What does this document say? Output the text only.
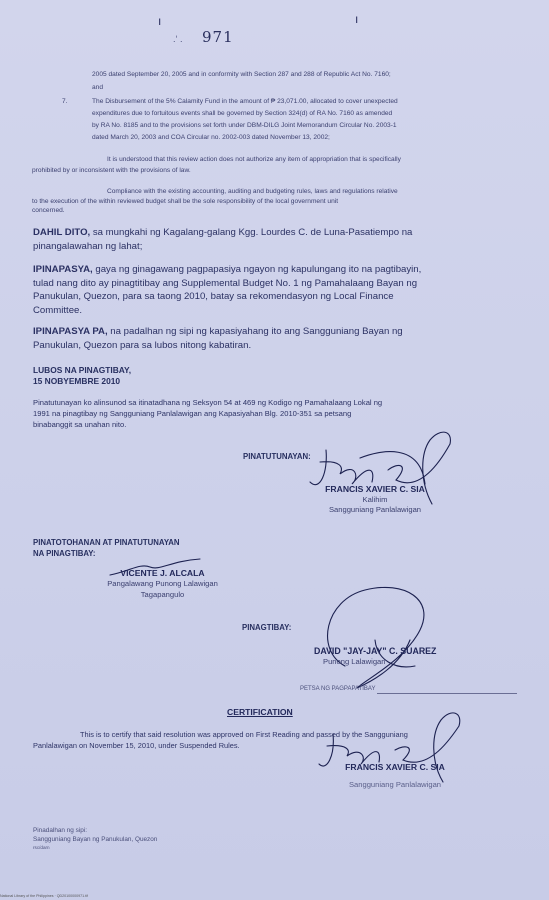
ı	ı
.‘ . 971
2005 dated September 20, 2005 and in conformity with Section 287 and 288 of Republic Act No. 7160;
and
7.	The Disbursement of the 5% Calamity Fund in the amount of ₱ 23,071.00, allocated to cover unexpected
expenditures due to fortuitous events shall be governed by Section 324(d) of RA No. 7160 as amended
by RA No. 8185 and to the provisions set forth under DBM-DILG Joint Memorandum Circular No. 2003-1
dated March 20, 2003 and COA Circular no. 2002-003 dated November 13, 2002;
It is understood that this review action does not authorize any item of appropriation that is specifically
prohibited by or inconsistent with the provisions of law.
Compliance with the existing accounting, auditing and budgeting rules, laws and regulations relative
to the execution of the within reviewed budget shall be the sole responsibility of the local government unit
concerned.
DAHIL DITO, sa mungkahi ng Kagalang-galang Kgg. Lourdes C. de Luna-Pasatiempo na
pinangalawahan ng lahat;
IPINAPASYA, gaya ng ginagawang pagpapasiya ngayon ng kapulungang ito na pagtibayin,
tulad nang dito ay pinagtitibay ang Supplemental Budget No. 1 ng Pamahalaang Bayan ng
Panukulan, Quezon, para sa taong 2010, batay sa rekomendasyon ng Local Finance
Committee.
IPINAPASYA PA, na padalhan ng sipi ng kapasiyahang ito ang Sangguniang Bayan ng
Panukulan, Quezon para sa lubos nitong kabatiran.
LUBOS NA PINAGTIBAY,
15 NOBYEMBRE 2010
Pinatutunayan ko alinsunod sa itinatadhana ng Seksyon 54 at 469 ng Kodigo ng Pamahalaang Lokal ng
1991 na pinagtibay ng Sangguniang Panlalawigan ang Kapasiyahan Blg. 2010-351 sa petsang
binabanggit sa unahan nito.
PINATUTUNAYAN:
FRANCIS XAVIER C. SIA
Kalihim
Sangguniang Panlalawigan
PINATOTOHANAN AT PINATUTUNAYAN
NA PINAGTIBAY:
VICENTE J. ALCALA
Pangalawang Punong Lalawigan
Tagapangulo
PINAGTIBAY:
DAVID "JAY-JAY" C. SUAREZ
Punong Lalawigan
PETSA NG PAGPAPATIBAY
CERTIFICATION
This is to certify that said resolution was approved on First Reading and passed by the Sangguniang
Panlalawigan on November 15, 2010, under Suspended Rules.
FRANCIS XAVIER C. SIA
Sangguniang Panlalawigan
Pinadalhan ng sipi:
Sangguniang Bayan ng Panukulan, Quezon
rsc/darn
National Library of the Philippines · QD20100000971.tif
